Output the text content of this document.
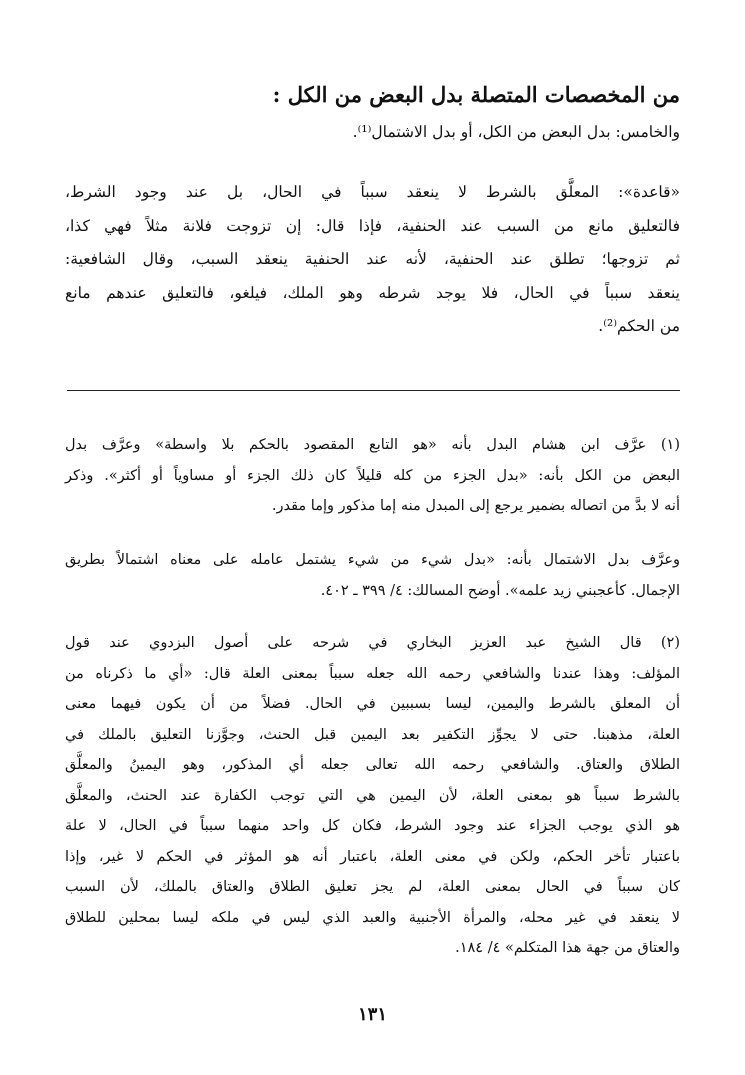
من المخصصات المتصلة بدل البعض من الكل :

والخامس: بدل البعض من الكل، أو بدل الاشتمال⁽¹⁾.

«قاعدة»: المعلَّق بالشرط لا ينعقد سبباً في الحال، بل عند وجود الشرط،

فالتعليق مانع من السبب عند الحنفية، فإذا قال: إن تزوجت فلانة مثلاً فهي كذا،

ثم تزوجها؛ تطلق عند الحنفية، لأنه عند الحنفية ينعقد السبب، وقال الشافعية:

ينعقد سبباً في الحال، فلا يوجد شرطه وهو الملك، فيلغو، فالتعليق عندهم مانع

من الحكم⁽²⁾.

(١) عرَّف ابن هشام البدل بأنه «هو التابع المقصود بالحكم بلا واسطة» وعرَّف بدل

البعض من الكل بأنه: «بدل الجزء من كله قليلاً كان ذلك الجزء أو مساوياً أو أكثر». وذكر

أنه لا بدَّ من اتصاله بضمير يرجع إلى المبدل منه إما مذكور وإما مقدر.

وعرَّف بدل الاشتمال بأنه: «بدل شيء من شيء يشتمل عامله على معناه اشتمالاً بطريق

الإجمال. كأعجبني زيد علمه». أوضح المسالك: ٤/ ٣٩٩ ـ ٤٠٢.

(٢) قال الشيخ عبد العزيز البخاري في شرحه على أصول البزدوي عند قول

المؤلف: وهذا عندنا والشافعي رحمه الله جعله سبباً بمعنى العلة قال: «أي ما ذكرناه من

أن المعلق بالشرط واليمين، ليسا بسببين في الحال. فضلاً من أن يكون فيهما معنى

العلة، مذهبنا. حتى لا يجوِّز التكفير بعد اليمين قبل الحنث، وجوَّزنا التعليق بالملك في

الطلاق والعتاق. والشافعي رحمه الله تعالى جعله أي المذكور، وهو اليمينُ والمعلَّق

بالشرط سبباً هو بمعنى العلة، لأن اليمين هي التي توجب الكفارة عند الحنث، والمعلَّق

هو الذي يوجب الجزاء عند وجود الشرط، فكان كل واحد منهما سبباً في الحال، لا علة

باعتبار تأخر الحكم، ولكن في معنى العلة، باعتبار أنه هو المؤثر في الحكم لا غير، وإذا

كان سبباً في الحال بمعنى العلة، لم يجز تعليق الطلاق والعتاق بالملك، لأن السبب

لا ينعقد في غير محله، والمرأة الأجنبية والعبد الذي ليس في ملكه ليسا بمحلين للطلاق

والعتاق من جهة هذا المتكلم» ٤/ ١٨٤.

١٣١
